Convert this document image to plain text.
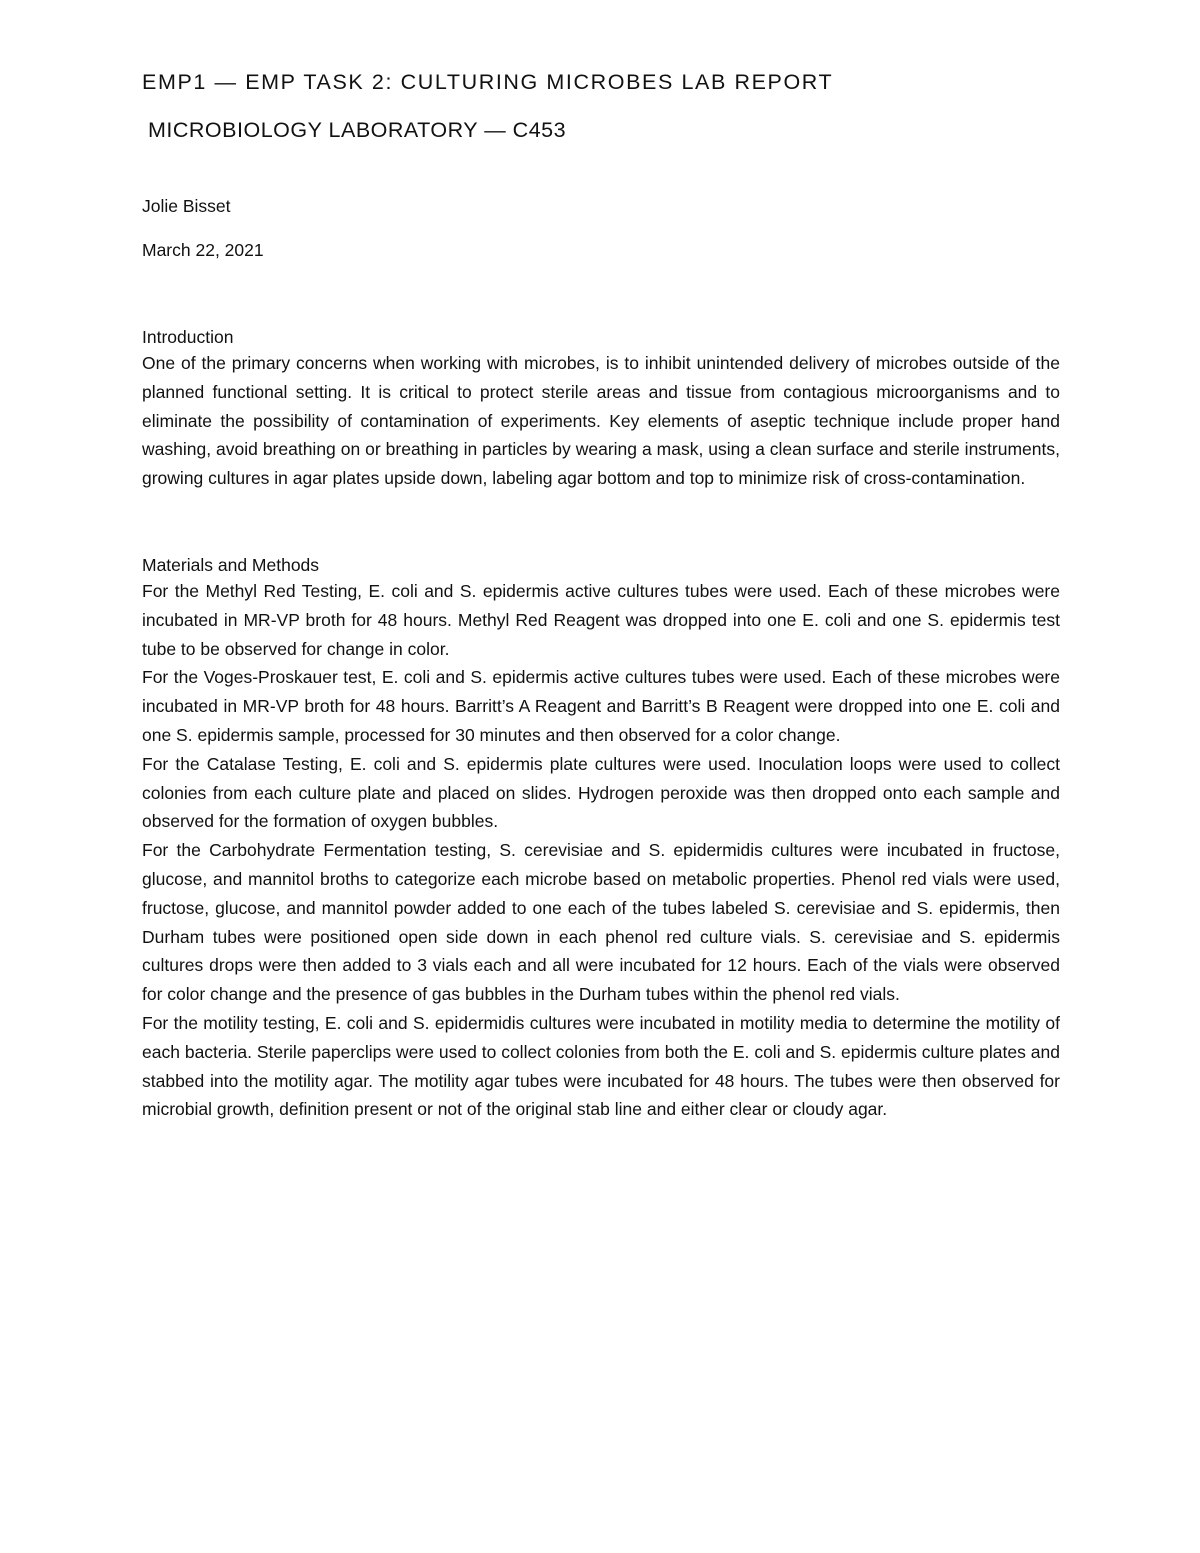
EMP1 — EMP TASK 2: CULTURING MICROBES LAB REPORT
MICROBIOLOGY LABORATORY — C453

Jolie Bisset

March 22, 2021

Introduction

One of the primary concerns when working with microbes, is to inhibit unintended delivery of microbes outside of the planned functional setting. It is critical to protect sterile areas and tissue from contagious microorganisms and to eliminate the possibility of contamination of experiments. Key elements of aseptic technique include proper hand washing, avoid breathing on or breathing in particles by wearing a mask, using a clean surface and sterile instruments, growing cultures in agar plates upside down, labeling agar bottom and top to minimize risk of cross-contamination.

Materials and Methods

For the Methyl Red Testing, E. coli and S. epidermis active cultures tubes were used. Each of these microbes were incubated in MR-VP broth for 48 hours. Methyl Red Reagent was dropped into one E. coli and one S. epidermis test tube to be observed for change in color.

For the Voges-Proskauer test, E. coli and S. epidermis active cultures tubes were used. Each of these microbes were incubated in MR-VP broth for 48 hours. Barritt’s A Reagent and Barritt’s B Reagent were dropped into one E. coli and one S. epidermis sample, processed for 30 minutes and then observed for a color change.

For the Catalase Testing, E. coli and S. epidermis plate cultures were used. Inoculation loops were used to collect colonies from each culture plate and placed on slides. Hydrogen peroxide was then dropped onto each sample and observed for the formation of oxygen bubbles.

For the Carbohydrate Fermentation testing, S. cerevisiae and S. epidermidis cultures were incubated in fructose, glucose, and mannitol broths to categorize each microbe based on metabolic properties. Phenol red vials were used, fructose, glucose, and mannitol powder added to one each of the tubes labeled S. cerevisiae and S. epidermis, then Durham tubes were positioned open side down in each phenol red culture vials. S. cerevisiae and S. epidermis cultures drops were then added to 3 vials each and all were incubated for 12 hours. Each of the vials were observed for color change and the presence of gas bubbles in the Durham tubes within the phenol red vials.

For the motility testing, E. coli and S. epidermidis cultures were incubated in motility media to determine the motility of each bacteria. Sterile paperclips were used to collect colonies from both the E. coli and S. epidermis culture plates and stabbed into the motility agar. The motility agar tubes were incubated for 48 hours. The tubes were then observed for microbial growth, definition present or not of the original stab line and either clear or cloudy agar.
